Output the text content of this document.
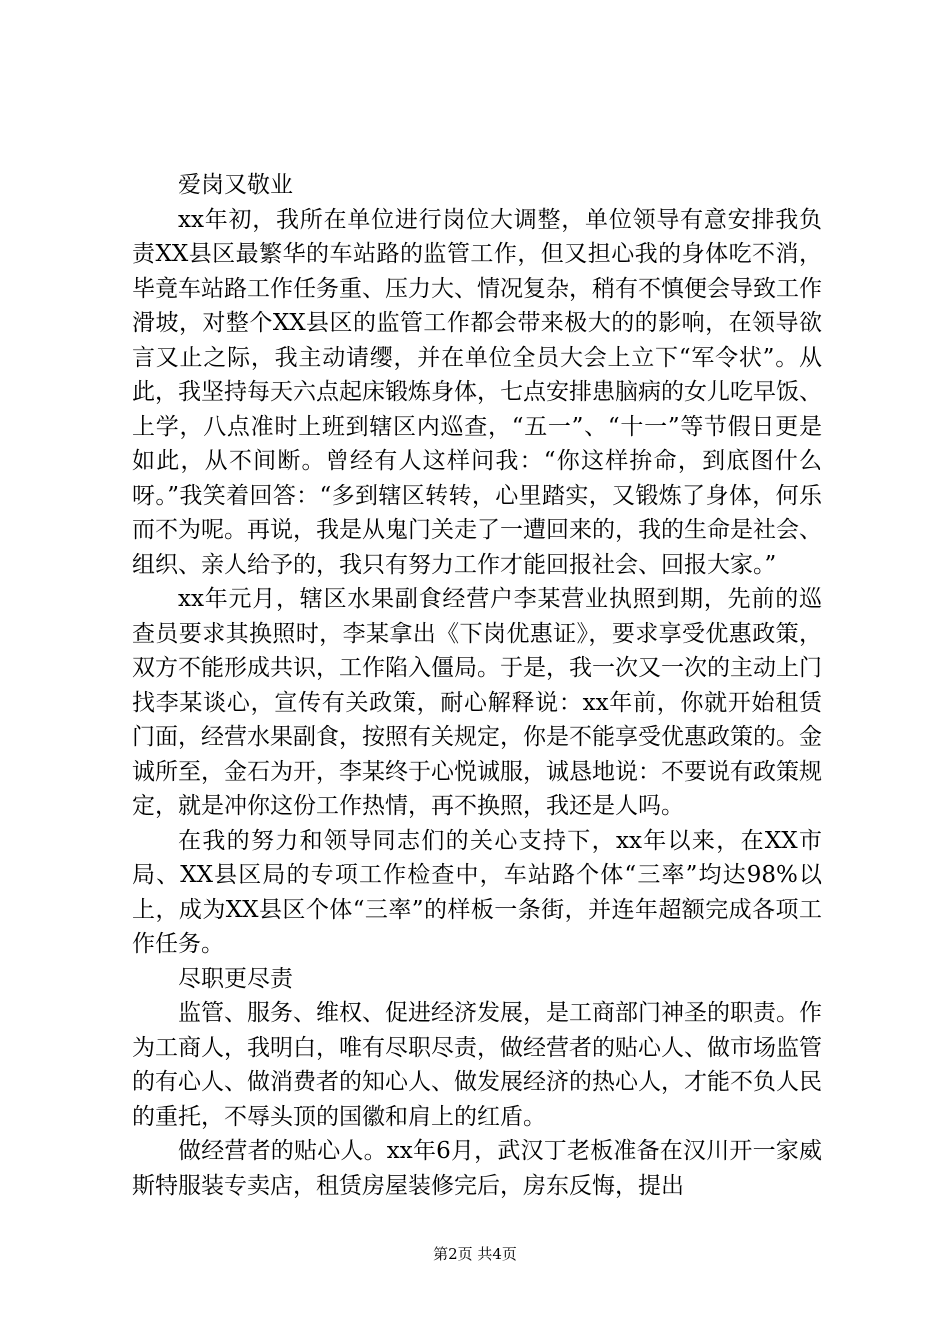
爱岗又敬业

xx年初，我所在单位进行岗位大调整，单位领导有意安排我负责XX县区最繁华的车站路的监管工作，但又担心我的身体吃不消，毕竟车站路工作任务重、压力大、情况复杂，稍有不慎便会导致工作滑坡，对整个XX县区的监管工作都会带来极大的的影响，在领导欲言又止之际，我主动请缨，并在单位全员大会上立下“军令状”。从此，我坚持每天六点起床锻炼身体，七点安排患脑病的女儿吃早饭、上学，八点准时上班到辖区内巡查，“五一”、“十一”等节假日更是如此，从不间断。曾经有人这样问我：“你这样拚命，到底图什么呀。”我笑着回答：“多到辖区转转，心里踏实，又锻炼了身体，何乐而不为呢。再说，我是从鬼门关走了一遭回来的，我的生命是社会、组织、亲人给予的，我只有努力工作才能回报社会、回报大家。”

xx年元月，辖区水果副食经营户李某营业执照到期，先前的巡查员要求其换照时，李某拿出《下岗优惠证》，要求享受优惠政策，双方不能形成共识，工作陷入僵局。于是，我一次又一次的主动上门找李某谈心，宣传有关政策，耐心解释说：xx年前，你就开始租赁门面，经营水果副食，按照有关规定，你是不能享受优惠政策的。金诚所至，金石为开，李某终于心悦诚服，诚恳地说：不要说有政策规定，就是冲你这份工作热情，再不换照，我还是人吗。

在我的努力和领导同志们的关心支持下，xx年以来，在XX市局、XX县区局的专项工作检查中，车站路个体“三率”均达98%以上，成为XX县区个体“三率”的样板一条街，并连年超额完成各项工作任务。

尽职更尽责

监管、服务、维权、促进经济发展，是工商部门神圣的职责。作为工商人，我明白，唯有尽职尽责，做经营者的贴心人、做市场监管的有心人、做消费者的知心人、做发展经济的热心人，才能不负人民的重托，不辱头顶的国徽和肩上的红盾。

做经营者的贴心人。xx年6月，武汉丁老板准备在汉川开一家威斯特服装专卖店，租赁房屋装修完后，房东反悔，提出

第2页 共4页
